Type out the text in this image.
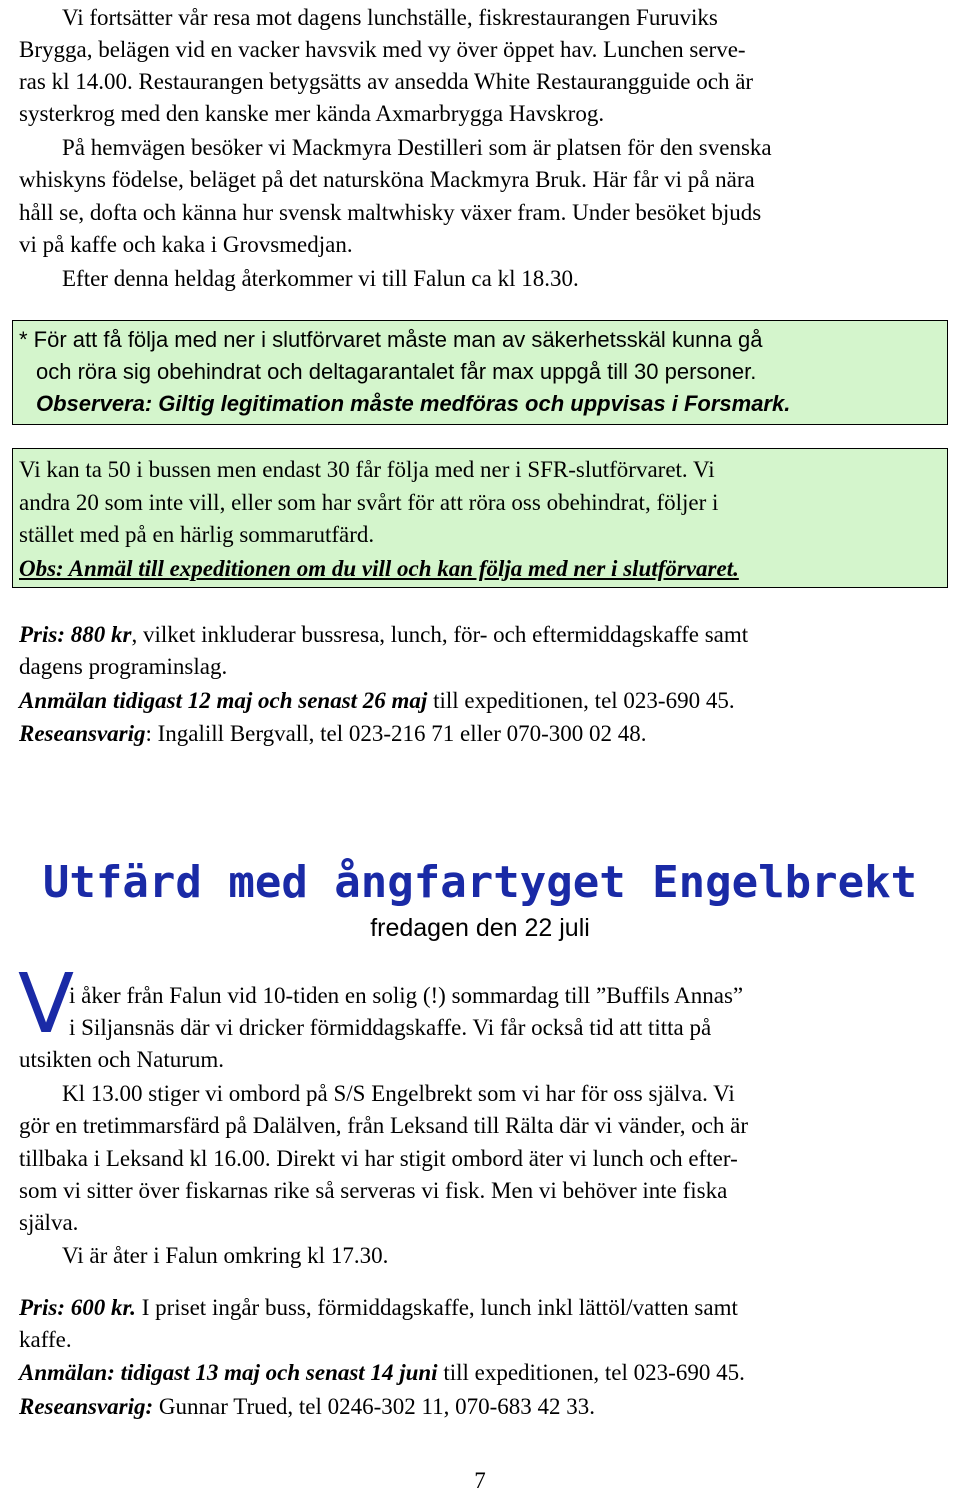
Vi fortsätter vår resa mot dagens lunchställe, fiskrestaurangen Furuviks
Brygga, belägen vid en vacker havsvik med vy över öppet hav. Lunchen serve-
ras kl 14.00. Restaurangen betygsätts av ansedda White Restaurangguide och är
systerkrog med den kanske mer kända Axmarbrygga Havskrog.
På hemvägen besöker vi Mackmyra Destilleri som är platsen för den svenska
whiskyns födelse, beläget på det natursköna Mackmyra Bruk. Här får vi på nära
håll se, dofta och känna hur svensk maltwhisky växer fram. Under besöket bjuds
vi på kaffe och kaka i Grovsmedjan.
Efter denna heldag återkommer vi till Falun ca kl 18.30.
* För att få följa med ner i slutförvaret måste man av säkerhetsskäl kunna gå
och röra sig obehindrat och deltagarantalet får max uppgå till 30 personer.
Observera: Giltig legitimation måste medföras och uppvisas i Forsmark.
Vi kan ta 50 i bussen men endast 30 får följa med ner i SFR-slutförvaret. Vi
andra 20 som inte vill, eller som har svårt för att röra oss obehindrat, följer i
stället med på en härlig sommarutfärd.
Obs: Anmäl till expeditionen om du vill och kan följa med ner i slutförvaret.
Pris: 880 kr, vilket inkluderar bussresa, lunch, för- och eftermiddagskaffe samt
dagens programinslag.
Anmälan tidigast 12 maj och senast 26 maj till expeditionen, tel 023-690 45.
Reseansvarig: Ingalill Bergvall, tel 023-216 71 eller 070-300 02 48.
Utfärd med ångfartyget Engelbrekt
fredagen den 22 juli
V
i åker från Falun vid 10-tiden en solig (!) sommardag till ”Buffils Annas”
i Siljansnäs där vi dricker förmiddagskaffe. Vi får också tid att titta på
utsikten och Naturum.
Kl 13.00 stiger vi ombord på S/S Engelbrekt som vi har för oss själva. Vi
gör en tretimmarsfärd på Dalälven, från Leksand till Rälta där vi vänder, och är
tillbaka i Leksand kl 16.00. Direkt vi har stigit ombord äter vi lunch och efter-
som vi sitter över fiskarnas rike så serveras vi fisk. Men vi behöver inte fiska
själva.
Vi är åter i Falun omkring kl 17.30.
Pris: 600 kr. I priset ingår buss, förmiddagskaffe, lunch inkl lättöl/vatten samt
kaffe.
Anmälan: tidigast 13 maj och senast 14 juni till expeditionen, tel 023-690 45.
Reseansvarig: Gunnar Trued, tel 0246-302 11, 070-683 42 33.
7
